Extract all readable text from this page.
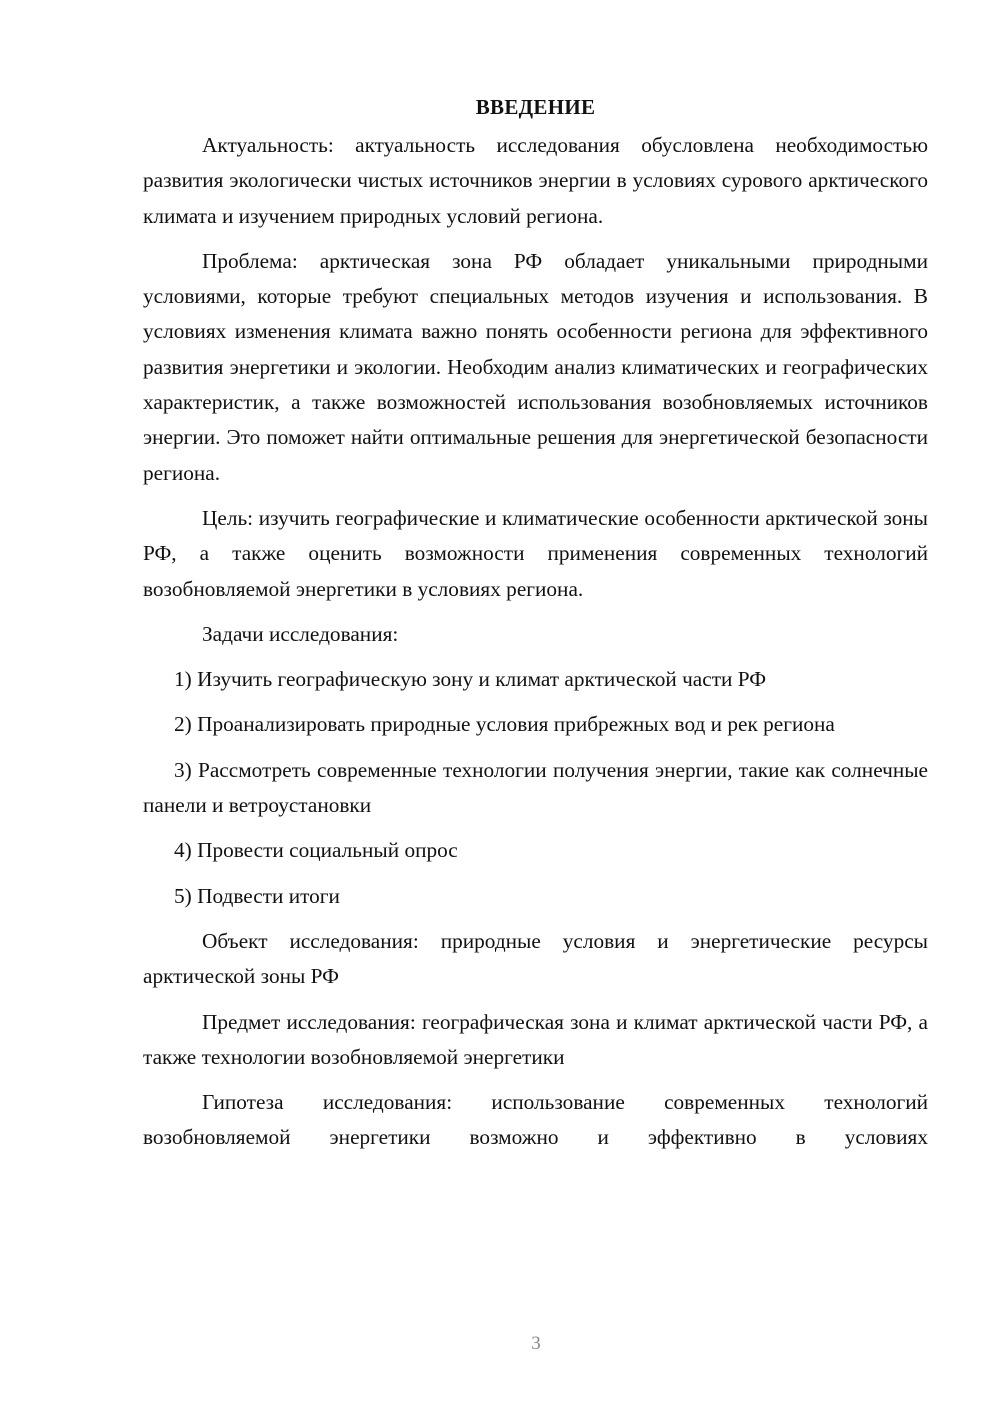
ВВЕДЕНИЕ

Актуальность: актуальность исследования обусловлена необходимостью развития экологически чистых источников энергии в условиях сурового арктического климата и изучением природных условий региона.

Проблема: арктическая зона РФ обладает уникальными природными условиями, которые требуют специальных методов изучения и использования. В условиях изменения климата важно понять особенности региона для эффективного развития энергетики и экологии. Необходим анализ климатических и географических характеристик, а также возможностей использования возобновляемых источников энергии. Это поможет найти оптимальные решения для энергетической безопасности региона.

Цель: изучить географические и климатические особенности арктической зоны РФ, а также оценить возможности применения современных технологий возобновляемой энергетики в условиях региона.

Задачи исследования:

1) Изучить географическую зону и климат арктической части РФ

2) Проанализировать природные условия прибрежных вод и рек региона

3) Рассмотреть современные технологии получения энергии, такие как солнечные панели и ветроустановки

4) Провести социальный опрос

5) Подвести итоги

Объект исследования: природные условия и энергетические ресурсы арктической зоны РФ

Предмет исследования: географическая зона и климат арктической части РФ, а также технологии возобновляемой энергетики

Гипотеза исследования: использование современных технологий возобновляемой энергетики возможно и эффективно в условиях

3
